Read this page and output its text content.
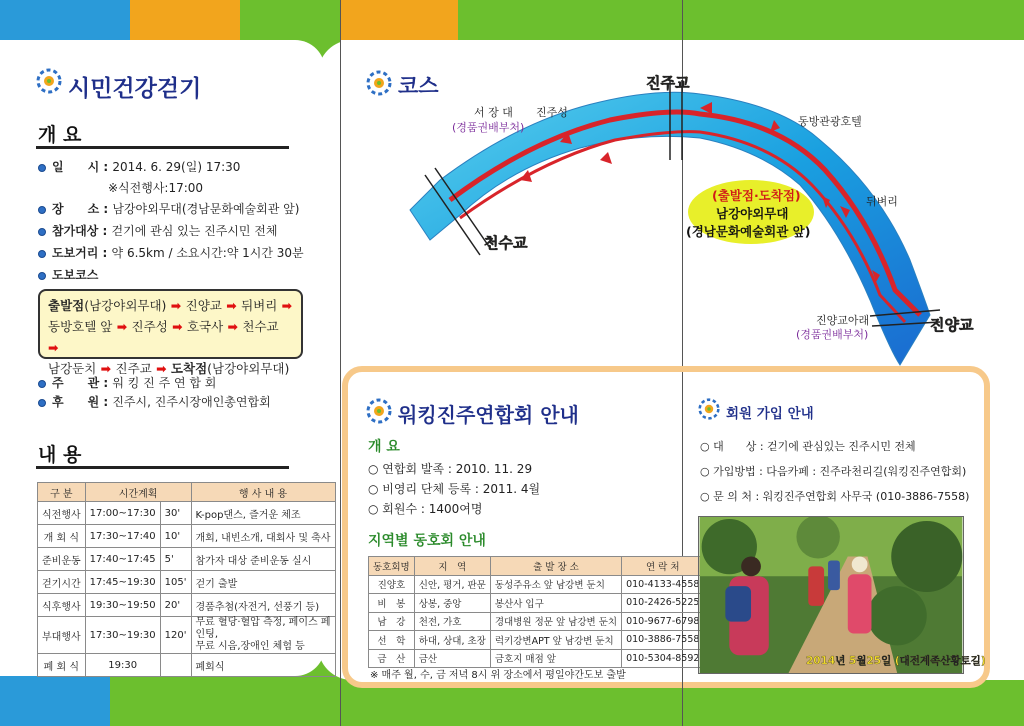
시민건강걷기
개 요
일　　시 : 2014. 6. 29(일) 17:30
※식전행사:17:00
장　　소 : 남강야외무대(경남문화예술회관 앞)
참가대상 : 걷기에 관심 있는 진주시민 전체
도보거리 : 약 6.5km / 소요시간:약 1시간 30분
도보코스
출발점(남강야외무대) ➡ 진양교 ➡ 뒤벼리 ➡
동방호텔 앞 ➡ 진주성 ➡ 호국사 ➡ 천수교 ➡
남강둔치 ➡ 진주교 ➡ 도착점(남강야외무대)
주　　관 : 워 킹 진 주 연 합 회
후　　원 : 진주시, 진주시장애인총연합회
내 용
구 분	시간계획		행 사 내 용
식전행사	17:00~17:30	30'	K-pop댄스, 즐거운 체조
개 회 식	17:30~17:40	10'	개회, 내빈소개, 대회사 및 축사
준비운동	17:40~17:45	5'	참가자 대상 준비운동 실시
걷기시간	17:45~19:30	105'	걷기 출발
식후행사	19:30~19:50	20'	경품추첨(자전거, 선풍기 등)
부대행사	17:30~19:30	120'	무료 혈당·혈압 측정, 페이스 페인팅,
무료 시음,장애인 체험 등

폐 회 식	19:30		폐회식
코스	진주교
천수교
진양교
서 장 대 진주성
(경품권배부처)	동방관광호텔
뒤벼리
진양교아래
(경품권배부처)
(출발점·도착점)
남강야외무대
(경남문화예술회관 앞)
워킹진주연합회 안내
개 요
○ 연합회 발족 : 2010. 11. 29
○ 비영리 단체 등록 : 2011. 4월
○ 회원수 : 1400여명
지역별 동호회 안내
동호회명	지　역	출 발 장 소	연 락 처
진양호	신안, 평거, 판문	동성주유소 앞 남강변 둔치	010-4133-4558
비　봉	상봉, 중앙	봉산사 입구	010-2426-5225
남　강	천전, 가호	경대병원 정문 앞 남강변 둔치	010-9677-6798
선　학	하대, 상대, 초장	럭키강변APT 앞 남강변 둔치	010-3886-7558
금　산	금산	금호지 매점 앞	010-5304-8592
※ 매주 월, 수, 금 저녁 8시 위 장소에서 평일야간도보 출발
회원 가입 안내
○ 대　　상 : 걷기에 관심있는 진주시민 전체
○ 가입방법 : 다음카페 : 진주라천리길(워킹진주연합회)
○ 문 의 처 : 워킹진주연합회 사무국 (010-3886-7558)
2014년 5월25일 (대전계족산황토길)
